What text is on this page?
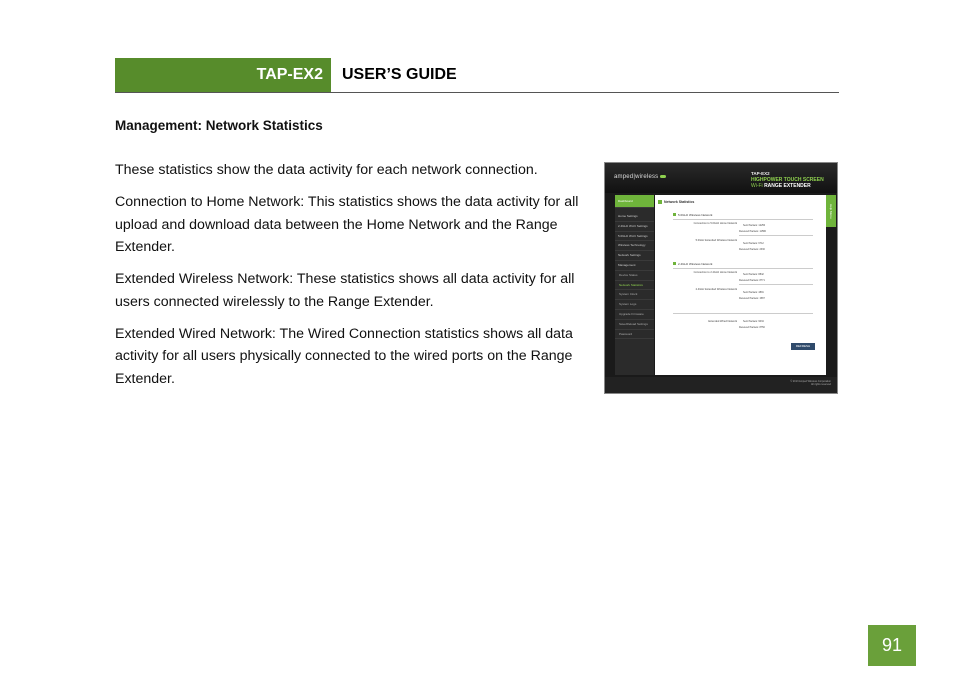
TAP-EX2 USER’S GUIDE
Management: Network Statistics

These statistics show the data activity for each network connection.

Connection to Home Network: This statistics shows the data activity for all upload and download data between the Home Network and the Range Extender.

Extended Wireless Network: These statistics shows all data activity for all users connected wirelessly to the Range Extender.

Extended Wired Network: The Wired Connection statistics shows all data activity for all users physically connected to the wired ports on the Range Extender.

amped|wireless
TAP-EX2
HIGHPOWER TOUCH SCREEN
Wi-Fi RANGE EXTENDER
Dashboard
Home Settings
2.4GHz Wi-Fi Settings
5.0GHz Wi-Fi Settings
Wireless Technology
Network Settings
Management
Device Status
Network Statistics
System Clock
System Logs
Upgrade Firmware
Save/Reload Settings
Password
Network Statistics
5.0GHz Wireless Network
Connection to 5.0GHz Home Network
Sent Packets: 12250
Received Packets: 11580
5.0GHz Extended Wireless Network
Sent Packets: 6712
Received Packets: 2330
2.4GHz Wireless Network
Connection to 2.4GHz Home Network
Sent Packets: 8842
Received Packets: 8771
2.4GHz Extended Wireless Network
Sent Packets: 4891
Received Packets: 1587
Extended Wired Network	Sent Packets: 9034
Received Packets: 8750
REFRESH
Help Menu
© 2013 Amped Wireless Corporation
All rights reserved
91
